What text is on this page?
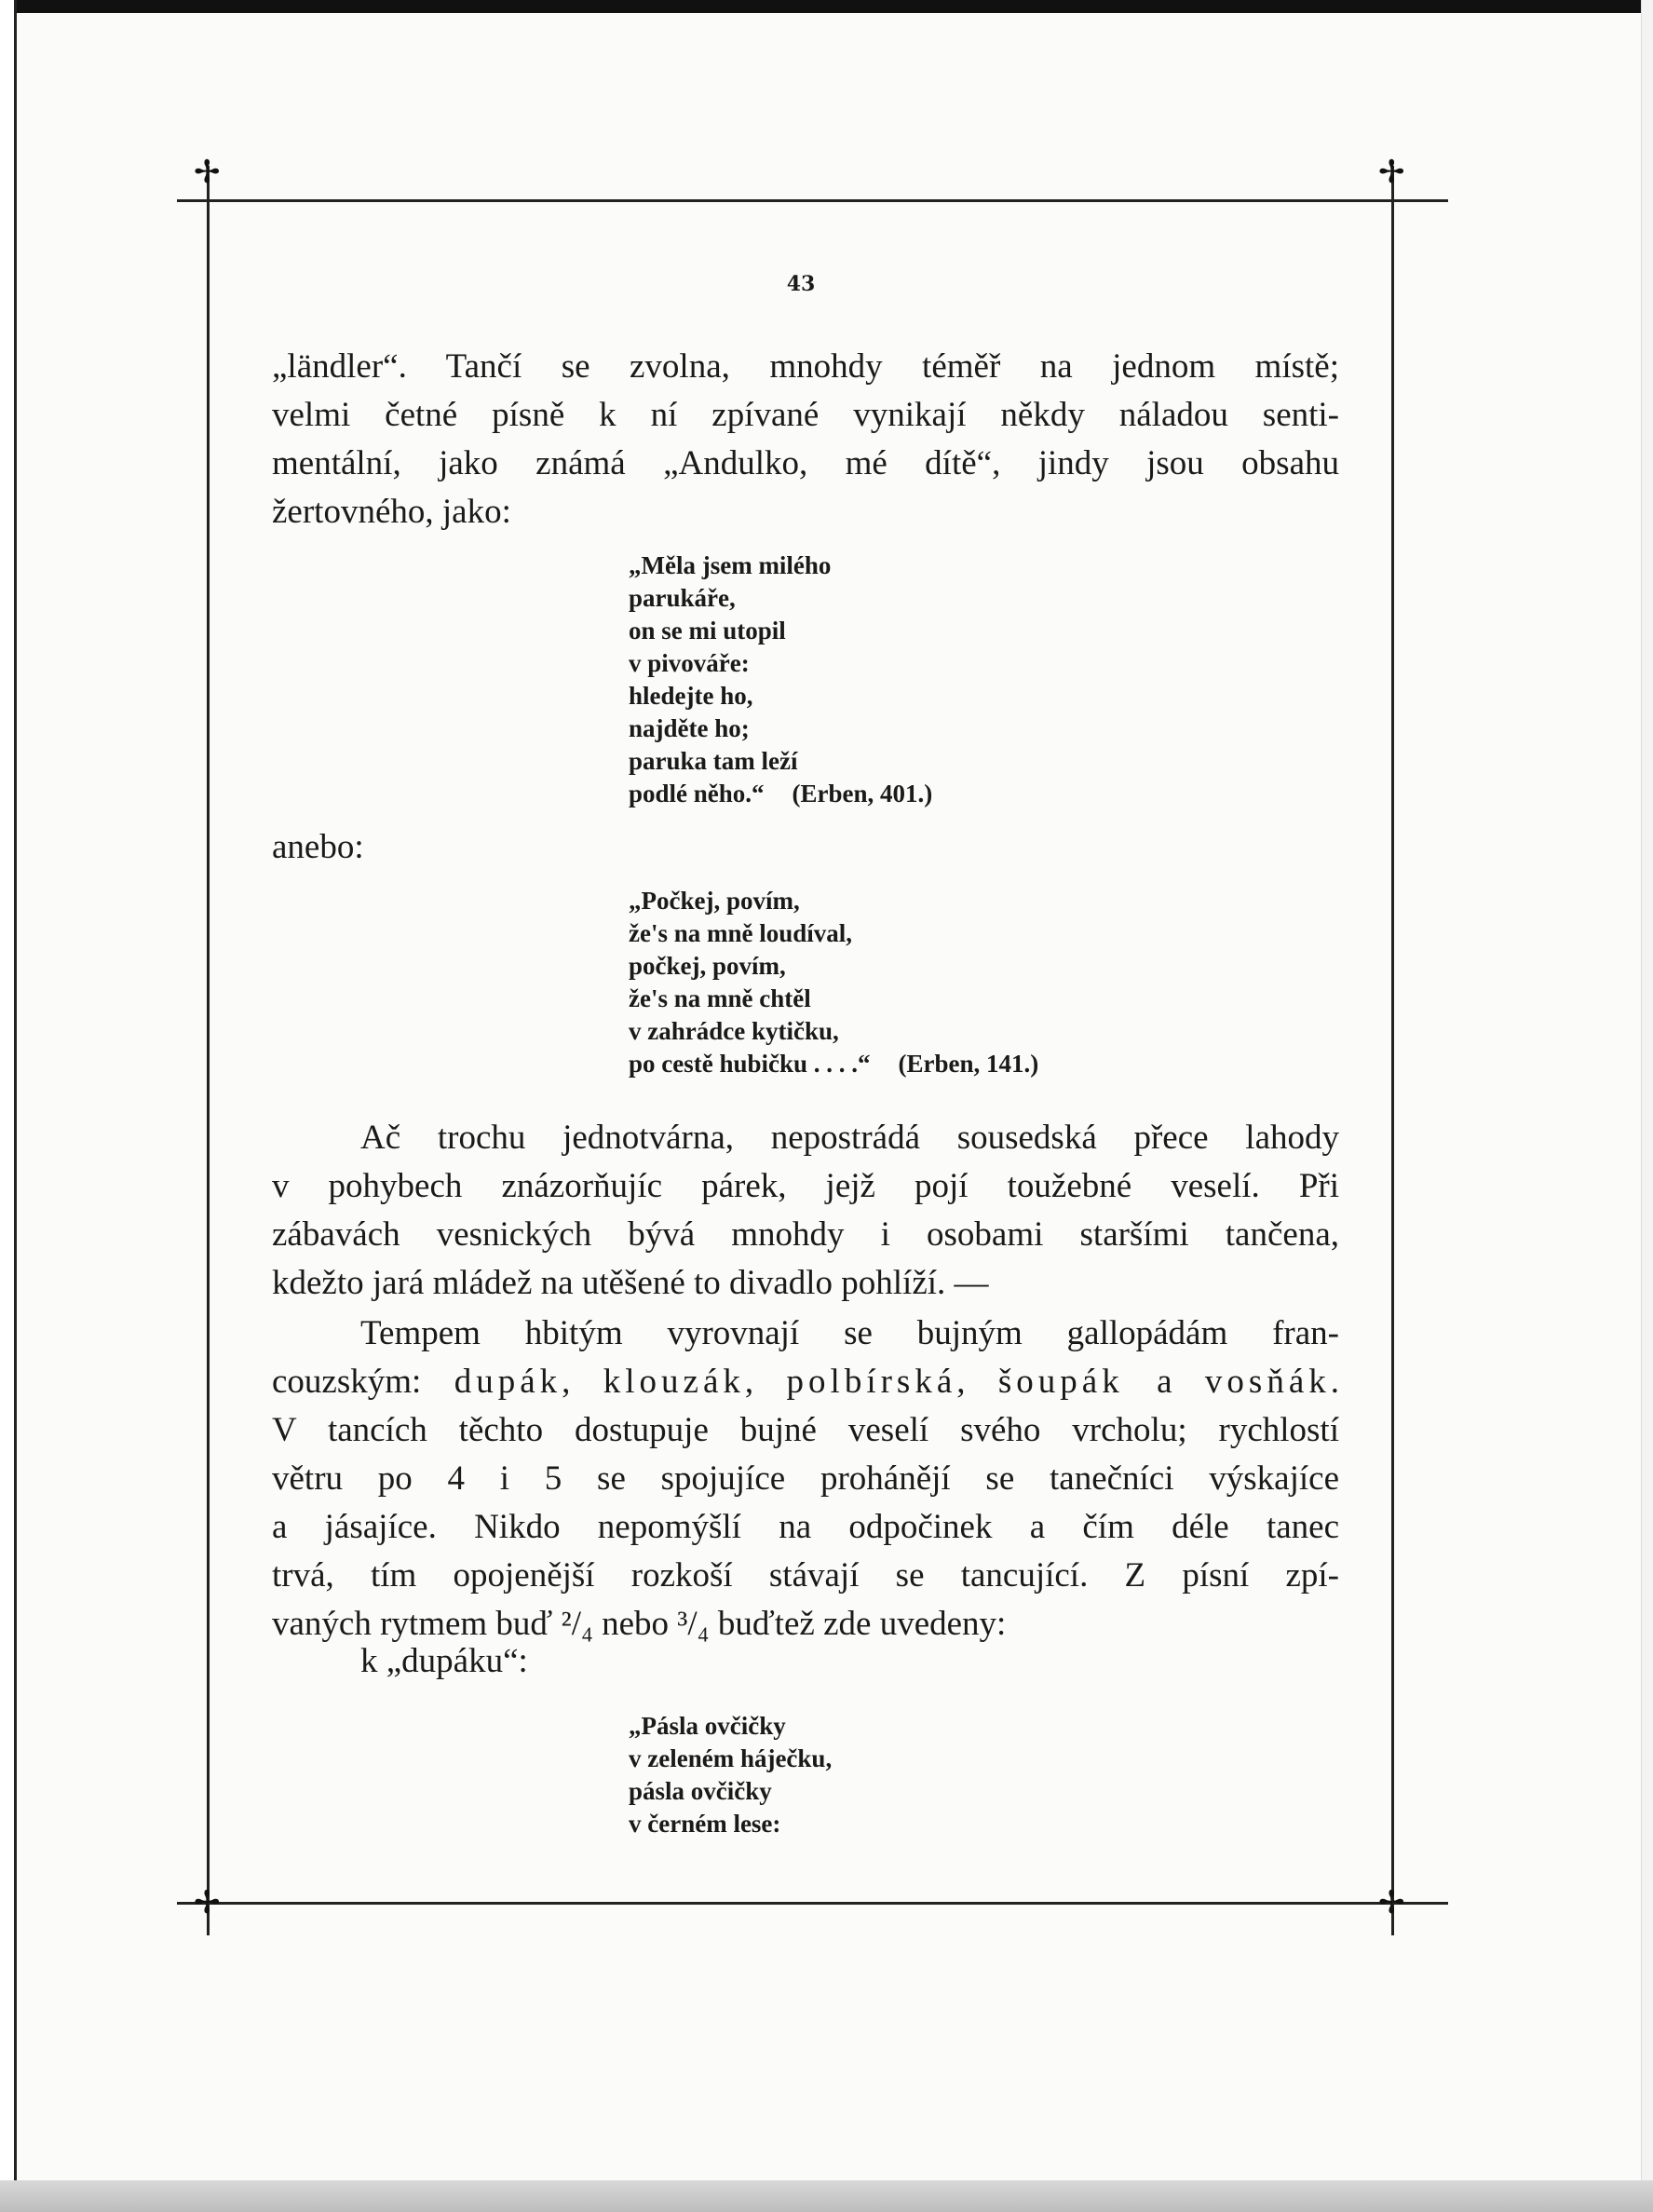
✢	✢
✢	✢
43
„ländler“. Tančí se zvolna, mnohdy téměř na jednom místě;
velmi četné písně k ní zpívané vynikají někdy náladou senti-
mentální, jako známá „Andulko, mé dítě“, jindy jsou obsahu
žertovného, jako:
„Měla jsem milého
parukáře,
on se mi utopil
v pivováře:
hledejte ho,
najděte ho;
paruka tam leží
podlé něho.“ (Erben, 401.)
anebo:
„Počkej, povím,
že's na mně loudíval,
počkej, povím,
že's na mně chtěl
v zahrádce kytičku,
po cestě hubičku . . . .“ (Erben, 141.)
Ač trochu jednotvárna, nepostrádá sousedská přece lahody
v pohybech znázorňujíc párek, jejž pojí toužebné veselí. Při
zábavách vesnických bývá mnohdy i osobami staršími tančena,
kdežto jará mládež na utěšené to divadlo pohlíží. —
Tempem hbitým vyrovnají se bujným gallopádám fran-
couzským: dupák, klouzák, polbírská, šoupák a vosňák.
V tancích těchto dostupuje bujné veselí svého vrcholu; rychlostí
větru po 4 i 5 se spojujíce prohánějí se tanečníci výskajíce
a jásajíce. Nikdo nepomýšlí na odpočinek a čím déle tanec
trvá, tím opojenější rozkoší stávají se tancující. Z písní zpí-
vaných rytmem buď ²/₄ nebo ³/₄ buďtež zde uvedeny:
k „dupáku“:
„Pásla ovčičky
v zeleném háječku,
pásla ovčičky
v černém lese:
